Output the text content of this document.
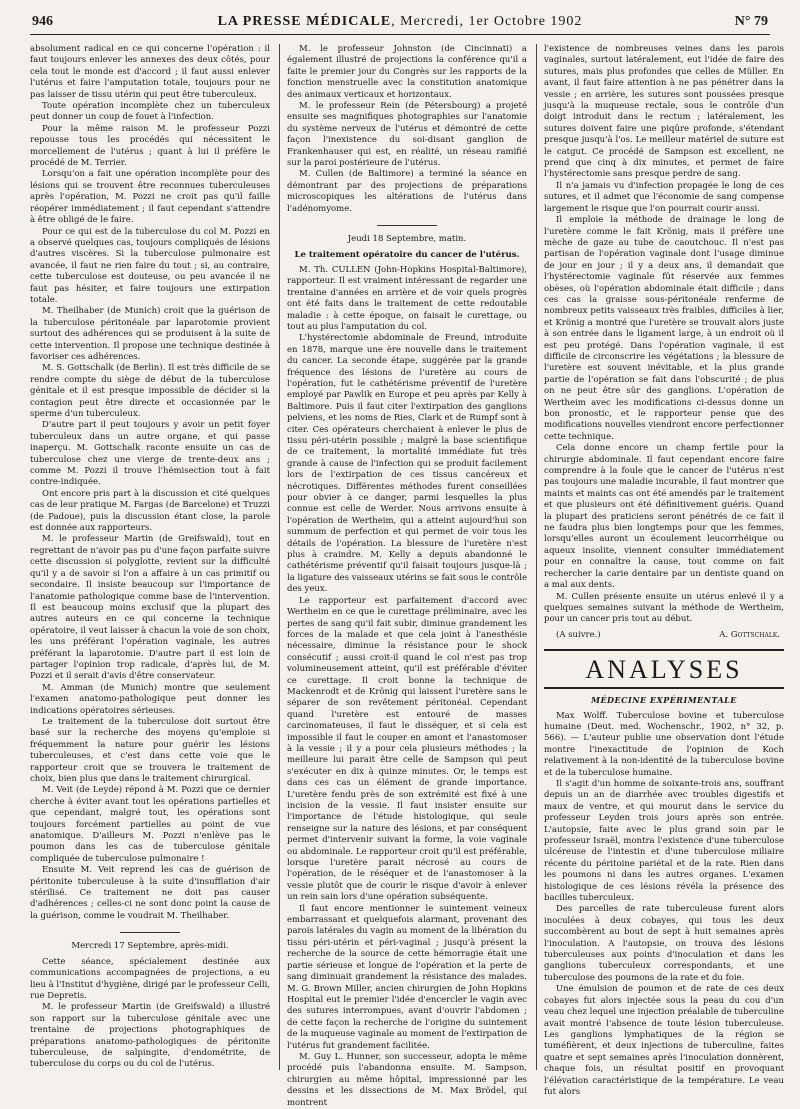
946	LA PRESSE MÉDICALE, Mercredi, 1er Octobre 1902	N° 79

absolument radical en ce qui concerne l'opération : il faut toujours enlever les annexes des deux côtés, pour cela tout le monde est d'accord ; il faut aussi enlever l'utérus et faire l'amputation totale, toujours pour ne pas laisser de tissu utérin qui peut être tuberculeux.

Toute opération incomplète chez un tuberculeux peut donner un coup de fouet à l'infection.

Pour la même raison M. le professeur Pozzi repousse tous les procédés qui nécessitent le morcellement de l'utérus ; quant à lui il préfère le procédé de M. Terrier.

Lorsqu'on a fait une opération incomplète pour des lésions qui se trouvent être reconnues tuberculeuses après l'opération, M. Pozzi ne croit pas qu'il faille réopérer immédiatement ; il faut cependant s'attendre à être obligé de le faire.

Pour ce qui est de la tuberculose du col M. Pozzi en a observé quelques cas, toujours compliqués de lésions d'autres viscères. Si la tuberculose pulmonaire est avancée, il faut ne rien faire du tout ; si, au contraire, cette tuberculose est douteuse, ou peu avancée il ne faut pas hésiter, et faire toujours une extirpation totale.

M. Theilhaber (de Munich) croit que la guérison de la tuberculose péritonéale par laparotomie provient surtout des adhérences qui se produisent à la suite de cette intervention. Il propose une technique destinée à favoriser ces adhérences.

M. S. Gottschalk (de Berlin). Il est très difficile de se rendre compte du siège de début de la tuberculose génitale et il est presque impossible de décider si la contagion peut être directe et occasionnée par le sperme d'un tuberculeux.

D'autre part il peut toujours y avoir un petit foyer tuberculeux dans un autre organe, et qui passe inaperçu. M. Gottschalk raconte ensuite un cas de tuberculose chez une vierge de trente-deux ans ; comme M. Pozzi il trouve l'hémisection tout à fait contre-indiquée.

Ont encore pris part à la discussion et cité quelques cas de leur pratique M. Fargas (de Barcelone) et Truzzi (de Padoue), puis la discussion étant close, la parole est donnée aux rapporteurs.

M. le professeur Martin (de Greifswald), tout en regrettant de n'avoir pas pu d'une façon parfaite suivre cette discussion si polyglotte, revient sur la difficulté qu'il y a de savoir si l'on a affaire à un cas primitif ou secondaire. Il insiste beaucoup sur l'importance de l'anatomie pathologique comme base de l'intervention. Il est beaucoup moins exclusif que la plupart des autres auteurs en ce qui concerne la technique opératoire, il veut laisser à chacun la voie de son choix, les uns préférant l'opération vaginale, les autres préférant la laparotomie. D'autre part il est loin de partager l'opinion trop radicale, d'après lui, de M. Pozzi et il serait d'avis d'être conservateur.

M. Amman (de Munich) montre que seulement l'examen anatomo-pathologique peut donner les indications opératoires sérieuses.

Le traitement de la tuberculose doit surtout être basé sur la recherche des moyens qu'emploie si fréquemment la nature pour guérir les lésions tuberculeuses, et c'est dans cette voie que le rapporteur croit que se trouvera le traitement de choix, bien plus que dans le traitement chirurgical.

M. Veit (de Leyde) répond à M. Pozzi que ce dernier cherche à éviter avant tout les opérations partielles et que cependant, malgré tout, les opérations sont toujours forcément partielles au point de vue anatomique. D'ailleurs M. Pozzi n'enlève pas le poumon dans les cas de tuberculose génitale compliquée de tuberculose pulmonaire !

Ensuite M. Veit reprend les cas de guérison de péritonite tuberculeuse à la suite d'insufflation d'air stérilisé. Ce traitement ne doit pas causer d'adhérences ; celles-ci ne sont donc point la cause de la guérison, comme le voudrait M. Theilhaber.

Mercredi 17 Septembre, après-midi.

Cette séance, spécialement destinée aux communications accompagnées de projections, a eu lieu à l'Institut d'hygiène, dirigé par le professeur Celli, rue Depretis.

M. le professeur Martin (de Greifswald) a illustré son rapport sur la tuberculose génitale avec une trentaine de projections photographiques de préparations anatomo-pathologiques de péritonite tuberculeuse, de salpingite, d'endométrite, de tuberculose du corps ou du col de l'utérus.

M. le professeur Johnston (de Cincinnati) a également illustré de projections la conférence qu'il a faite le premier jour du Congrès sur les rapports de la fonction menstruelle avec la constitution anatomique des animaux verticaux et horizontaux.

M. le professeur Rein (de Pétersbourg) a projeté ensuite ses magnifiques photographies sur l'anatomie du système nerveux de l'utérus et démontré de cette façon l'inexistence du soi-disant ganglion de Frankenhauser qui est, en réalité, un réseau ramifié sur la paroi postérieure de l'utérus.

M. Cullen (de Baltimore) a terminé la séance en démontrant par des projections de préparations microscopiques les altérations de l'utérus dans l'adénomyome.

Jeudi 18 Septembre, matin.
Le traitement opératoire du cancer de l'utérus.

M. Th. CULLEN (John-Hopkins Hospital-Baltimore), rapporteur. Il est vraiment intéressant de regarder une trentaine d'années en arrière et de voir quels progrès ont été faits dans le traitement de cette redoutable maladie : à cette époque, on faisait le curettage, ou tout au plus l'amputation du col.

L'hystérectomie abdominale de Freund, introduite en 1878, marque une ère nouvelle dans le traitement du cancer. La seconde étape, suggérée par la grande fréquence des lésions de l'uretère au cours de l'opération, fut le cathétérisme préventif de l'uretère employé par Pawlik en Europe et peu après par Kelly à Baltimore. Puis il faut citer l'extirpation des ganglions pelviens, et les noms de Ries, Clark et de Rumpf sont à citer. Ces opérateurs cherchaient à enlever le plus de tissu péri-utérin possible ; malgré la base scientifique de ce traitement, la mortalité immédiate fut très grande à cause de l'infection qui se produit facilement lors de l'extirpation de ces tissus cancéreux et nécrotiques. Différentes méthodes furent conseillées pour obvier à ce danger, parmi lesquelles la plus connue est celle de Werder. Nous arrivons ensuite à l'opération de Wertheim, qui a atteint aujourd'hui son summum de perfection et qui permet de voir tous les détails de l'opération. La blessure de l'uretère n'est plus à craindre. M. Kelly a depuis abandonné le cathétérisme préventif qu'il faisait toujours jusque-là ; la ligature des vaisseaux utérins se fait sous le contrôle des yeux.

Le rapporteur est parfaitement d'accord avec Wertheim en ce que le curettage préliminaire, avec les pertes de sang qu'il fait subir, diminue grandement les forces de la malade et que cela joint à l'anesthésie nécessaire, diminue la résistance pour le shock consécutif ; aussi croit-il quand le col n'est pas trop volumineusement atteint, qu'il est préférable d'éviter ce curettage. Il croit bonne la technique de Mackenrodt et de Krönig qui laissent l'uretère sans le séparer de son revêtement péritonéal. Cependant quand l'uretère est entouré de masses carcinomateuses, il faut le disséquer, et si cela est impossible il faut le couper en amont et l'anastomoser à la vessie ; il y a pour cela plusieurs méthodes ; la meilleure lui parait être celle de Sampson qui peut s'exécuter en dix à quinze minutes. Or, le temps est dans ces cas un élément de grande importance. L'uretère fendu près de son extrémité est fixé à une incision de la vessie. Il faut insister ensuite sur l'importance de l'étude histologique, qui seule renseigne sur la nature des lésions, et par conséquent permet d'intervenir suivant la forme, la voie vaginale ou abdominale. Le rapporteur croit qu'il est préférable, lorsque l'uretère parait nécrosé au cours de l'opération, de le réséquer et de l'anastomoser à la vessie plutôt que de courir le risque d'avoir à enlever un rein sain lors d'une opération subséquente.

Il faut encore mentionner le suintement veineux embarrassant et quelquefois alarmant, provenant des parois latérales du vagin au moment de la libération du tissu péri-utérin et péri-vaginal ; jusqu'à présent la recherche de la source de cette hémorragie était une partie sérieuse et longue de l'opération et la perte de sang diminuait grandement la résistance des malades. M. G. Brown Miller, ancien chirurgien de John Hopkins Hospital eut le premier l'idée d'encercler le vagin avec des sutures interrompues, avant d'ouvrir l'abdomen ; de cette façon la recherche de l'origine du suintement de la muqueuse vaginale au moment de l'extirpation de l'utérus fut grandement facilitée.

M. Guy L. Hunner, son successeur, adopta le même procédé puis l'abandonna ensuite. M. Sampson, chirurgien au même hôpital, impressionné par les dessins et les dissections de M. Max Brödel, qui montrent

l'existence de nombreuses veines dans les parois vaginales, surtout latéralement, eut l'idée de faire des sutures, mais plus profondes que celles de Müller. En avant, il faut faire attention à ne pas pénétrer dans la vessie ; en arrière, les sutures sont poussées presque jusqu'à la muqueuse rectale, sous le contrôle d'un doigt introduit dans le rectum ; latéralement, les sutures doivent faire une piqûre profonde, s'étendant presque jusqu'à l'os. Le meilleur matériel de suture est le catgut. Ce procédé de Sampson est excellent, ne prend que cinq à dix minutes, et permet de faire l'hystérectomie sans presque perdre de sang.

Il n'a jamais vu d'infection propagée le long de ces sutures, et il admet que l'économie de sang compense largement le risque que l'on pourrait courir aussi.

Il emploie la méthode de drainage le long de l'uretère comme le fait Krönig, mais il préfère une mèche de gaze au tube de caoutchouc. Il n'est pas partisan de l'opération vaginale dont l'usage diminue de jour en jour ; il y a deux ans, il demandait que l'hystérectomie vaginale fût réservée aux femmes obèses, où l'opération abdominale était difficile ; dans ces cas la graisse sous-péritonéale renferme de nombreux petits vaisseaux très fraibles, difficiles à lier, et Krönig a montré que l'uretère se trouvait alors juste à son entrée dans le ligament large, à un endroit où il est peu protégé. Dans l'opération vaginale, il est difficile de circonscrire les végétations ; la blessure de l'uretère est souvent inévitable, et la plus grande partie de l'opération se fait dans l'obscurité ; de plus on ne peut être sûr des ganglions. L'opération de Wertheim avec les modifications ci-dessus donne un bon pronostic, et le rapporteur pense que des modifications nouvelles viendront encore perfectionner cette technique.

Cela donne encore un champ fertile pour la chirurgie abdominale. Il faut cependant encore faire comprendre à la foule que le cancer de l'utérus n'est pas toujours une maladie incurable, il faut montrer que maints et maints cas ont été amendés par le traitement et que plusieurs ont été définitivement guéris. Quand la plupart des praticiens seront pénétrés de ce fait il ne faudra plus bien longtemps pour que les femmes, lorsqu'elles auront un écoulement leucorrhéique ou aqueux insolite, viennent consulter immédiatement pour en connaître la cause, tout comme on fait rechercher la carie dentaire par un dentiste quand on a mal aux dents.

M. Cullen présente ensuite un utérus enlevé il y a quelques semaines suivant la méthode de Wertheim, pour un cancer pris tout au début.

(A suivre.)	A. Gottschalk.
ANALYSES
MÉDECINE EXPÉRIMENTALE

Max Wolff. Tuberculose bovine et tuberculose humaine (Deut. med. Wochenschr., 1902, n° 32, p. 566). — L'auteur publie une observation dont l'étude montre l'inexactitude de l'opinion de Koch relativement à la non-identité de la tuberculose bovine et de la tuberculose humaine.

Il s'agit d'un homme de soixante-trois ans, souffrant depuis un an de diarrhée avec troubles digestifs et maux de ventre, et qui mourut dans le service du professeur Leyden trois jours après son entrée. L'autopsie, faite avec le plus grand soin par le professeur Israël, montra l'existence d'une tuberculose ulcéreuse de l'intestin et d'une tuberculose miliaire récente du péritoine pariétal et de la rate. Rien dans les poumons ni dans les autres organes. L'examen histologique de ces lésions révéla la présence des bacilles tuberculeux.

Des parcelles de rate tuberculeuse furent alors inoculées à deux cobayes, qui tous les deux succombèrent au bout de sept à huit semaines après l'inoculation. A l'autopsie, on trouva des lésions tuberculeuses aux points d'inoculation et dans les ganglions tuberculeux correspondants, et une tuberculose des poumons de la rate et du foie.

Une émulsion de poumon et de rate de ces deux cobayes fut alors injectée sous la peau du cou d'un veau chez lequel une injection préalable de tuberculine avait montré l'absence de toute lésion tuberculeuse. Les ganglions lymphatiques de la région se tuméfièrent, et deux injections de tuberculine, faites quatre et sept semaines après l'inoculation donnèrent, chaque fois, un résultat positif en provoquant l'élévation caractéristique de la température. Le veau fut alors
